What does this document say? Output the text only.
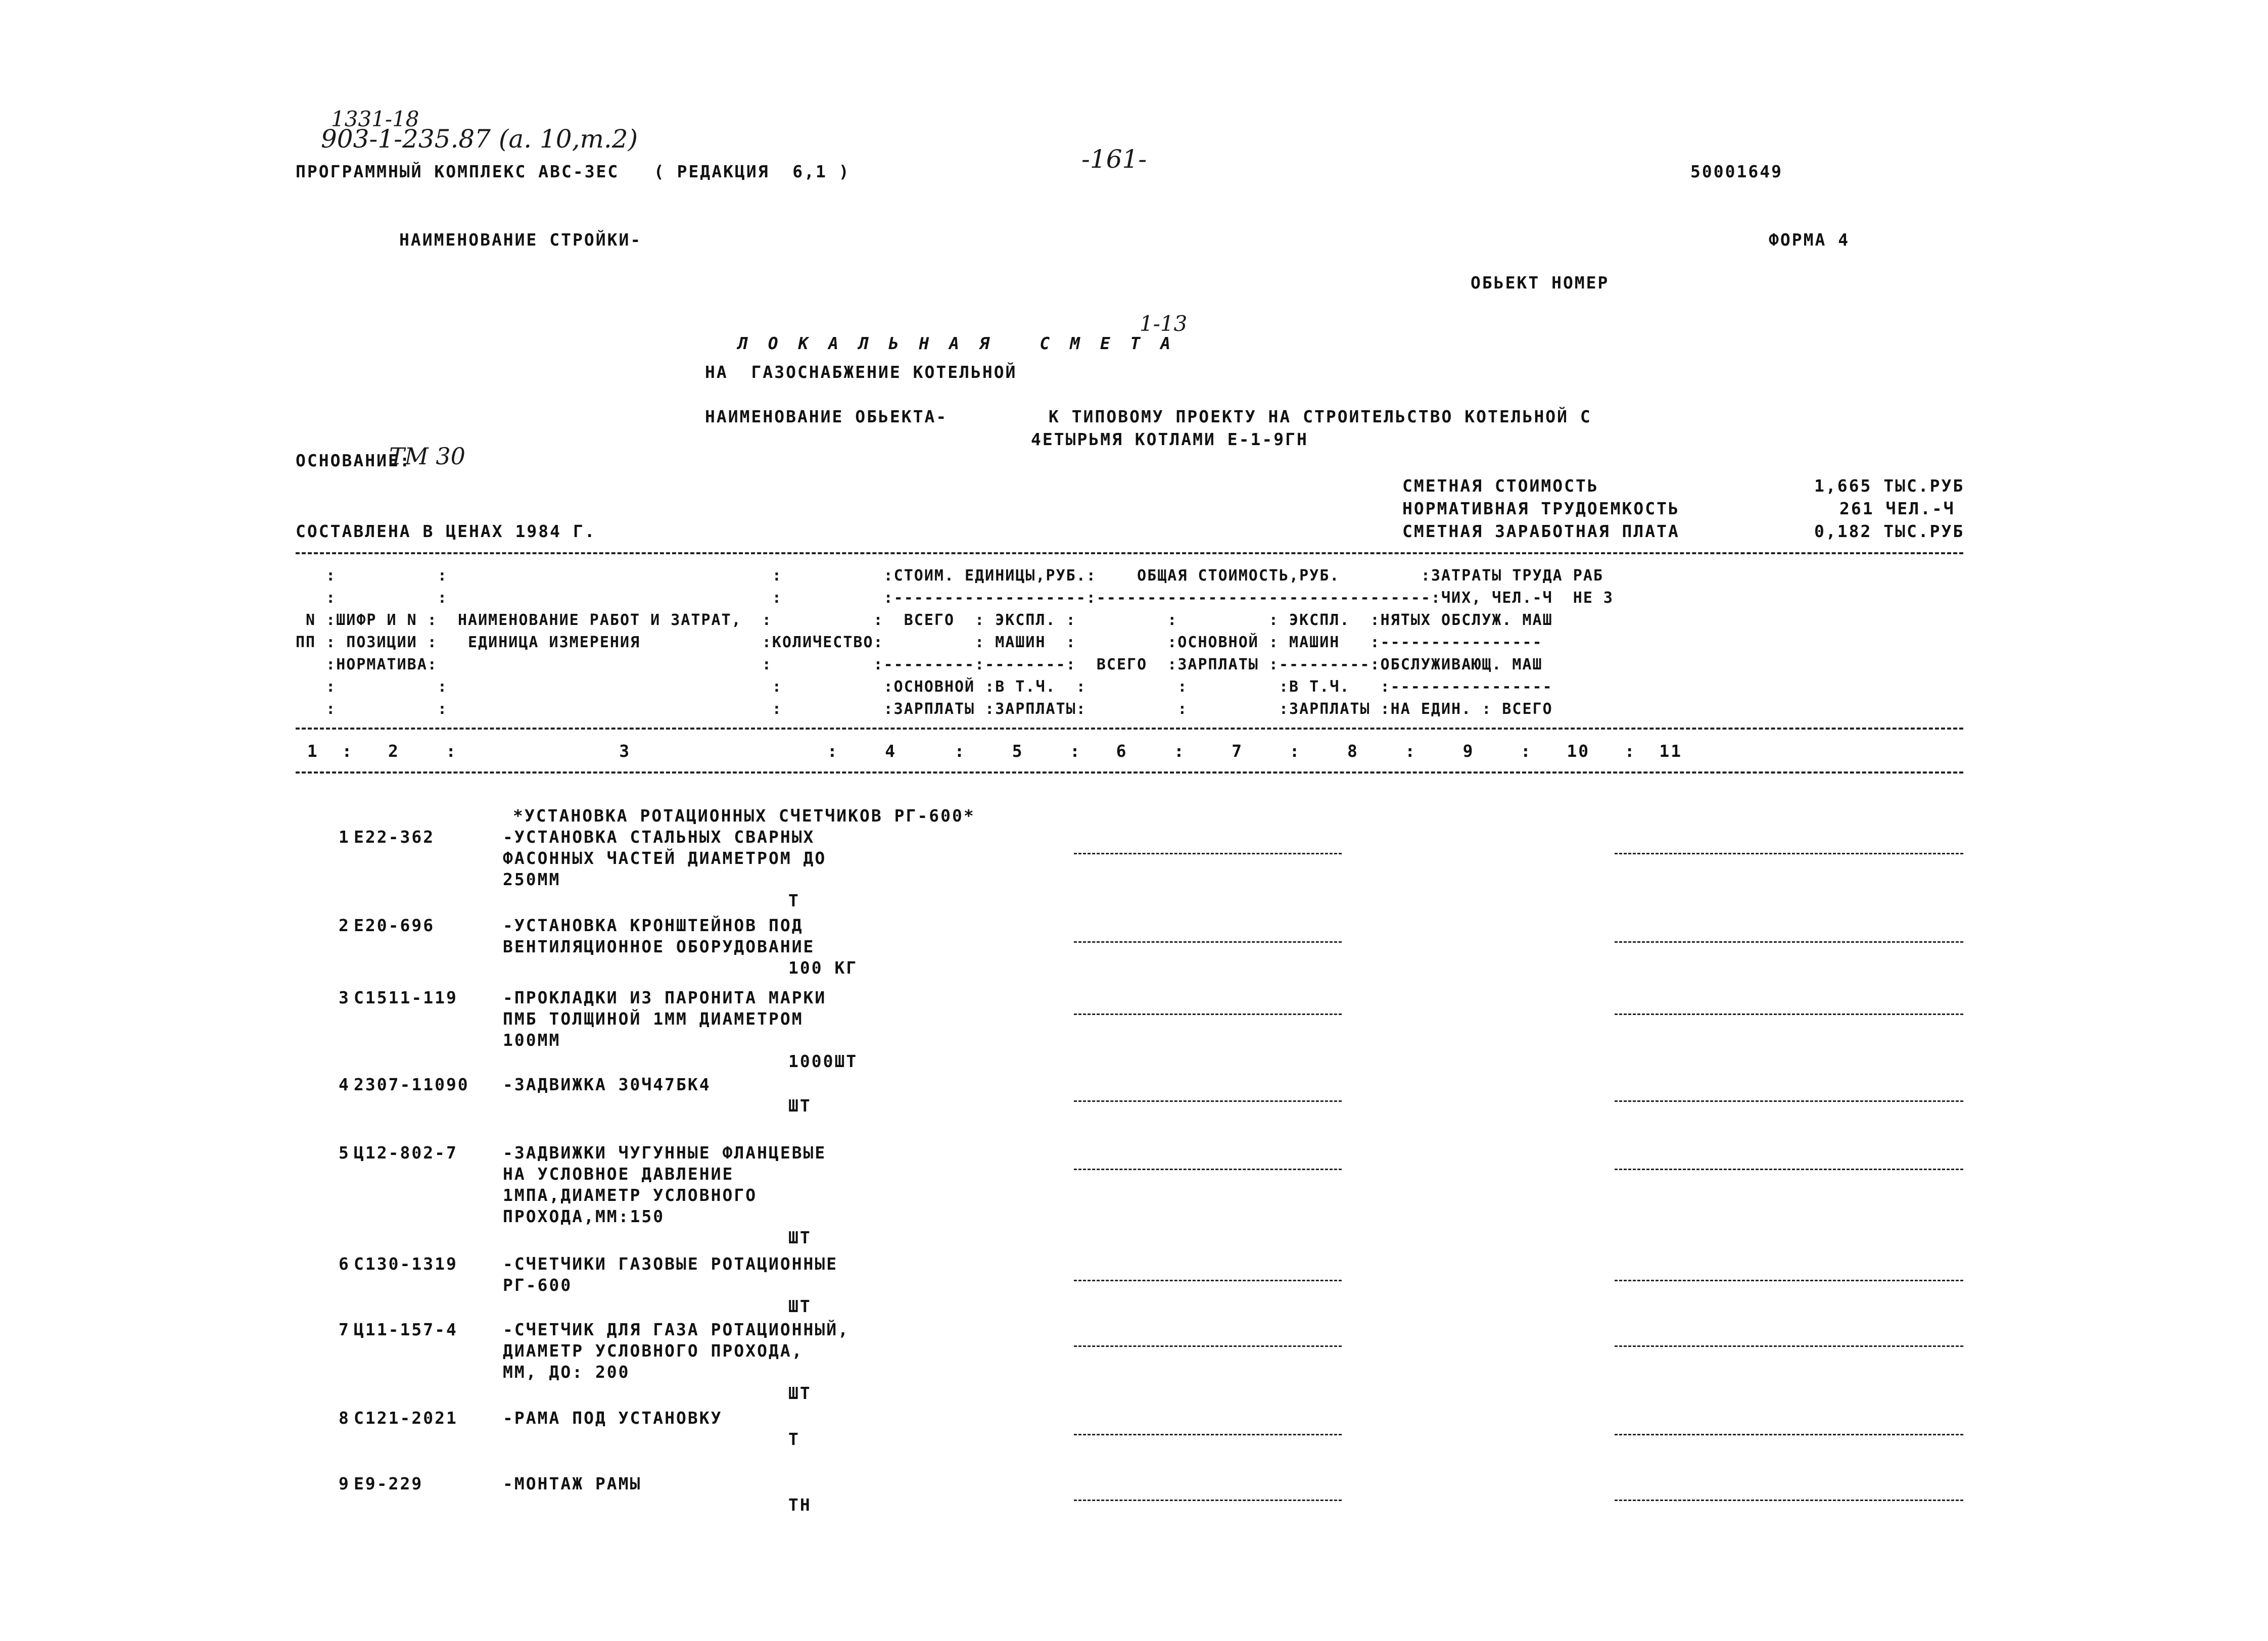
1331-18
903-1-235.87 (а. 10,т.2)
-161-
ПРОГРАММНЫЙ КОМПЛЕКС АВС-3ЕС   ( РЕДАКЦИЯ  6,1 )	50001649
НАИМЕНОВАНИЕ СТРОЙКИ-	ФОРМА 4
ОБЬЕКТ НОМЕР

Л О К А Л Ь Н А Я   С М Е Т А

1-13
НА  ГАЗОСНАБЖЕНИЕ КОТЕЛЬНОЙ
НАИМЕНОВАНИЕ ОБЬЕКТА-	К ТИПОВОМУ ПРОЕКТУ НА СТРОИТЕЛЬСТВО КОТЕЛЬНОЙ С
4ЕТЫРЬМЯ КОТЛАМИ Е-1-9ГН
ОСНОВАНИЕ:
ТМ 30
СМЕТНАЯ СТОИМОСТЬ	1,665 ТЫС.РУБ
НОРМАТИВНАЯ ТРУДОЕМКОСТЬ	261 ЧЕЛ.-Ч
СОСТАВЛЕНА В ЦЕНАХ 1984 Г.	СМЕТНАЯ ЗАРАБОТНАЯ ПЛАТА	0,182 ТЫС.РУБ
:          :                                :          :СТОИМ. ЕДИНИЦЫ,РУБ.:    ОБЩАЯ СТОИМОСТЬ,РУБ.        :ЗАТРАТЫ ТРУДА РАБ
:          :                                :          :-------------------:---------------------------------:ЧИХ, ЧЕЛ.-Ч  НЕ З
N :ШИФР И N :  НАИМЕНОВАНИЕ РАБОТ И ЗАТРАТ,  :          :  ВСЕГО  : ЭКСПЛ. :         :         : ЭКСПЛ.  :НЯТЫХ ОБСЛУЖ. МАШ
ПП : ПОЗИЦИИ :   ЕДИНИЦА ИЗМЕРЕНИЯ            :КОЛИЧЕСТВО:         : МАШИН  :         :ОСНОВНОЙ : МАШИН   :----------------
:НОРМАТИВА:                                :          :---------:--------:  ВСЕГО  :ЗАРПЛАТЫ :---------:ОБСЛУЖИВАЮЩ. МАШ
:          :                                :          :ОСНОВНОЙ :В Т.Ч.  :         :         :В Т.Ч.   :----------------
:          :                                :          :ЗАРПЛАТЫ :ЗАРПЛАТЫ:         :         :ЗАРПЛАТЫ :НА ЕДИН. : ВСЕГО
1  :   2    :              3                 :    4     :    5    :   6    :    7    :    8    :    9    :   10   :  11
*УСТАНОВКА РОТАЦИОННЫХ СЧЕТЧИКОВ РГ-600*
1 Е22-362	-УСТАНОВКА СТАЛЬНЫХ СВАРНЫХ
ФАСОННЫХ ЧАСТЕЙ ДИАМЕТРОМ ДО
250ММ
Т
2 Е20-696	-УСТАНОВКА КРОНШТЕЙНОВ ПОД
ВЕНТИЛЯЦИОННОЕ ОБОРУДОВАНИЕ
100 КГ
3 С1511-119	-ПРОКЛАДКИ ИЗ ПАРОНИТА МАРКИ
ПМБ ТОЛЩИНОЙ 1ММ ДИАМЕТРОМ
100ММ
1000ШТ
4 2307-11090 -ЗАДВИЖКА 30Ч47БК4
ШТ
5 Ц12-802-7	-ЗАДВИЖКИ ЧУГУННЫЕ ФЛАНЦЕВЫЕ
НА УСЛОВНОЕ ДАВЛЕНИЕ
1МПА,ДИАМЕТР УСЛОВНОГО
ПРОХОДА,ММ:150
ШТ
6 С130-1319	-СЧЕТЧИКИ ГАЗОВЫЕ РОТАЦИОННЫЕ
РГ-600
ШТ
7 Ц11-157-4	-СЧЕТЧИК ДЛЯ ГАЗА РОТАЦИОННЫЙ,
ДИАМЕТР УСЛОВНОГО ПРОХОДА,
ММ, ДО: 200
ШТ
8 С121-2021	-РАМА ПОД УСТАНОВКУ
Т
9 Е9-229	-МОНТАЖ РАМЫ
ТН
